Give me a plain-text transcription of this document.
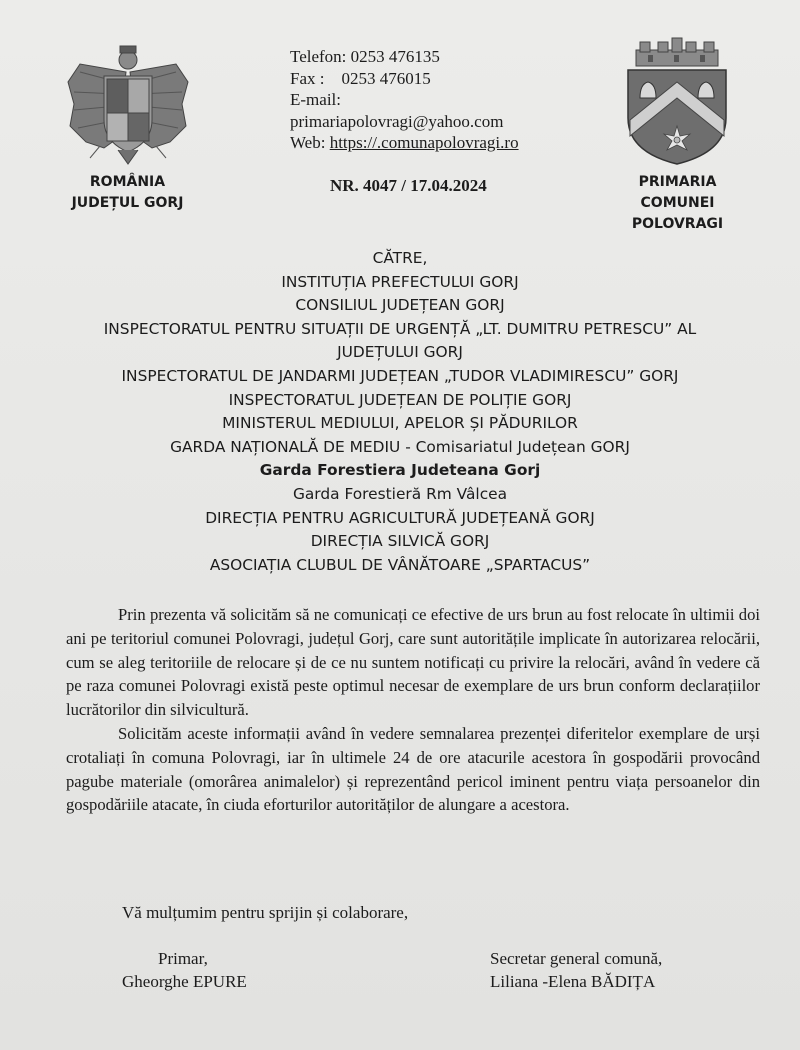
ROMÂNIA
JUDEȚUL GORJ
Telefon: 0253 476135
Fax :    0253 476015
E-mail:
primariapolovragi@yahoo.com
Web: https://.comunapolovragi.ro
NR. 4047 / 17.04.2024	PRIMARIA
COMUNEI
POLOVRAGI
CĂTRE,
INSTITUȚIA PREFECTULUI GORJ
CONSILIUL JUDEȚEAN GORJ
INSPECTORATUL PENTRU SITUAȚII DE URGENȚĂ „LT. DUMITRU PETRESCU” AL
JUDEȚULUI GORJ
INSPECTORATUL DE JANDARMI JUDEȚEAN „TUDOR VLADIMIRESCU” GORJ
INSPECTORATUL JUDEȚEAN DE POLIȚIE GORJ
MINISTERUL MEDIULUI, APELOR ȘI PĂDURILOR
GARDA NAȚIONALĂ DE MEDIU - Comisariatul Județean GORJ
Garda Forestiera Judeteana Gorj
Garda Forestieră Rm Vâlcea
DIRECȚIA PENTRU AGRICULTURĂ JUDEȚEANĂ GORJ
DIRECȚIA SILVICĂ GORJ
ASOCIAȚIA CLUBUL DE VÂNĂTOARE „SPARTACUS”

Prin prezenta vă solicităm să ne comunicați ce efective de urs brun au fost relocate în ultimii doi ani pe teritoriul comunei Polovragi, județul Gorj, care sunt autoritățile implicate în autorizarea relocării, cum se aleg teritoriile de relocare și de ce nu suntem notificați cu privire la relocări, având în vedere că pe raza comunei Polovragi există peste optimul necesar de exemplare de urs brun conform declarațiilor lucrătorilor din silvicultură.

Solicităm aceste informații având în vedere semnalarea prezenței diferitelor exemplare de urși crotaliați în comuna Polovragi, iar în ultimele 24 de ore atacurile acestora în gospodării provocând pagube materiale (omorârea animalelor) și reprezentând pericol iminent pentru viața persoanelor din gospodăriile atacate, în ciuda eforturilor autorităților de alungare a acestora.

Vă mulțumim pentru sprijin și colaborare,
Primar,
Gheorghe EPURE
Secretar general comună,
Liliana -Elena BĂDIȚA
